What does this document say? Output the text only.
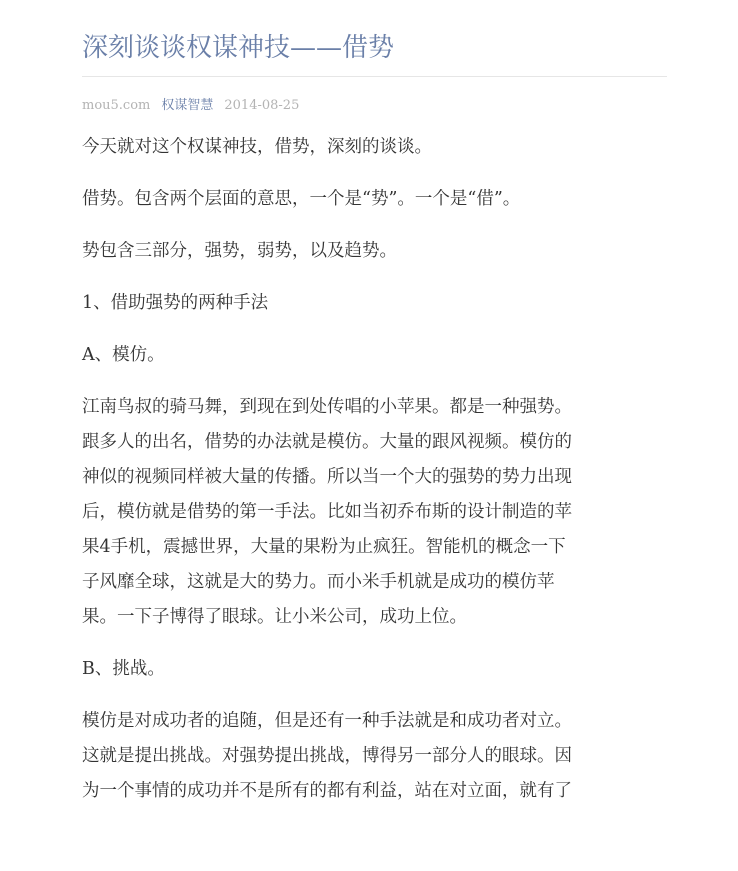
深刻谈谈权谋神技——借势
mou5.com 权谋智慧 2014-08-25

今天就对这个权谋神技，借势，深刻的谈谈。

借势。包含两个层面的意思，一个是“势”。一个是“借”。

势包含三部分，强势，弱势，以及趋势。

1、借助强势的两种手法

A、模仿。

江南鸟叔的骑马舞，到现在到处传唱的小苹果。都是一种强势。
跟多人的出名，借势的办法就是模仿。大量的跟风视频。模仿的
神似的视频同样被大量的传播。所以当一个大的强势的势力出现
后，模仿就是借势的第一手法。比如当初乔布斯的设计制造的苹
果4手机，震撼世界，大量的果粉为止疯狂。智能机的概念一下
子风靡全球，这就是大的势力。而小米手机就是成功的模仿苹
果。一下子博得了眼球。让小米公司，成功上位。

B、挑战。

模仿是对成功者的追随，但是还有一种手法就是和成功者对立。
这就是提出挑战。对强势提出挑战，博得另一部分人的眼球。因
为一个事情的成功并不是所有的都有利益，站在对立面，就有了
